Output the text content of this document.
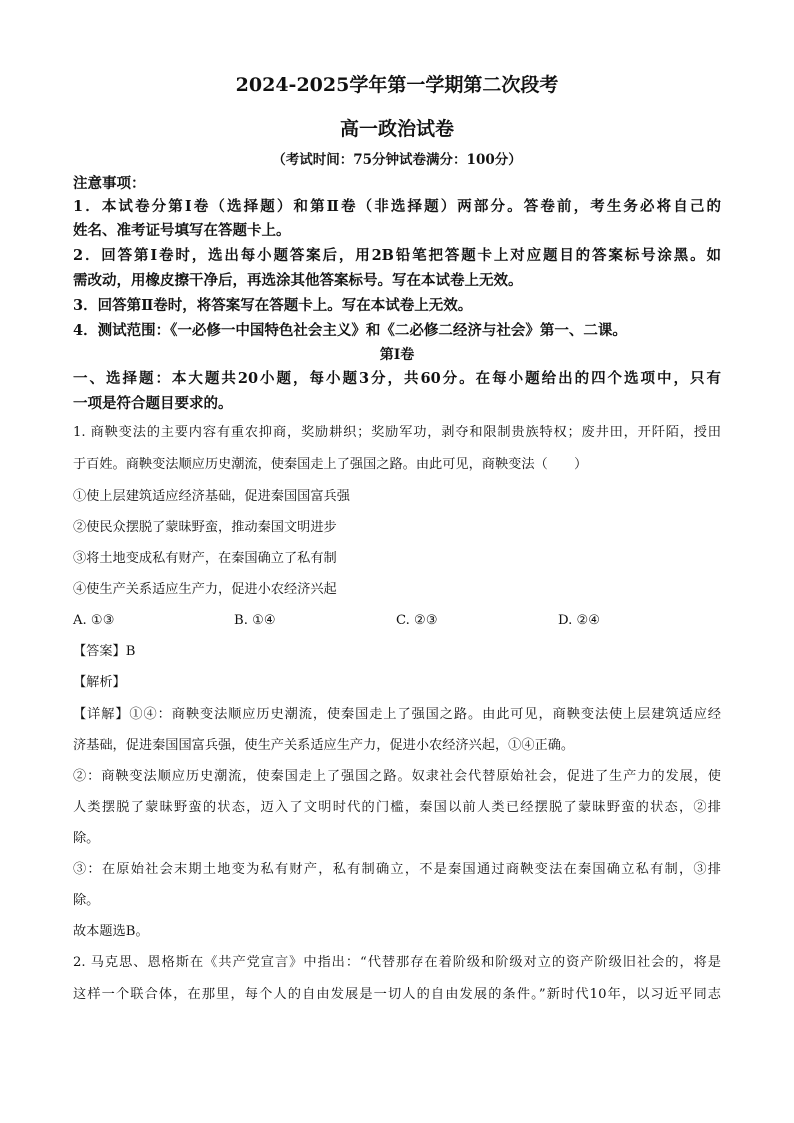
2024-2025学年第一学期第二次段考
高一政治试卷
（考试时间：75分钟试卷满分：100分）
注意事项：
1．本试卷分第Ⅰ卷（选择题）和第Ⅱ卷（非选择题）两部分。答卷前，考生务必将自己的
姓名、准考证号填写在答题卡上。
2．回答第Ⅰ卷时，选出每小题答案后，用2B铅笔把答题卡上对应题目的答案标号涂黑。如
需改动，用橡皮擦干净后，再选涂其他答案标号。写在本试卷上无效。
3．回答第Ⅱ卷时，将答案写在答题卡上。写在本试卷上无效。
4．测试范围：《一必修一中国特色社会主义》和《二必修二经济与社会》第一、二课。
第Ⅰ卷
一、选择题：本大题共20小题，每小题3分，共60分。在每小题给出的四个选项中，只有
一项是符合题目要求的。
1. 商鞅变法的主要内容有重农抑商，奖励耕织；奖励军功，剥夺和限制贵族特权；废井田，开阡陌，授田
于百姓。商鞅变法顺应历史潮流，使秦国走上了强国之路。由此可见，商鞅变法（　　）
①使上层建筑适应经济基础，促进秦国国富兵强
②使民众摆脱了蒙昧野蛮，推动秦国文明进步
③将土地变成私有财产，在秦国确立了私有制
④使生产关系适应生产力，促进小农经济兴起
A. ①③	B. ①④	C. ②③	D. ②④
【答案】B
【解析】
【详解】①④：商鞅变法顺应历史潮流，使秦国走上了强国之路。由此可见，商鞅变法使上层建筑适应经
济基础，促进秦国国富兵强，使生产关系适应生产力，促进小农经济兴起，①④正确。
②：商鞅变法顺应历史潮流，使秦国走上了强国之路。奴隶社会代替原始社会，促进了生产力的发展，使
人类摆脱了蒙昧野蛮的状态，迈入了文明时代的门槛，秦国以前人类已经摆脱了蒙昧野蛮的状态，②排
除。
③：在原始社会末期土地变为私有财产，私有制确立，不是秦国通过商鞅变法在秦国确立私有制，③排
除。
故本题选B。
2. 马克思、恩格斯在《共产党宣言》中指出：“代替那存在着阶级和阶级对立的资产阶级旧社会的，将是
这样一个联合体，在那里，每个人的自由发展是一切人的自由发展的条件。”新时代10年，以习近平同志
